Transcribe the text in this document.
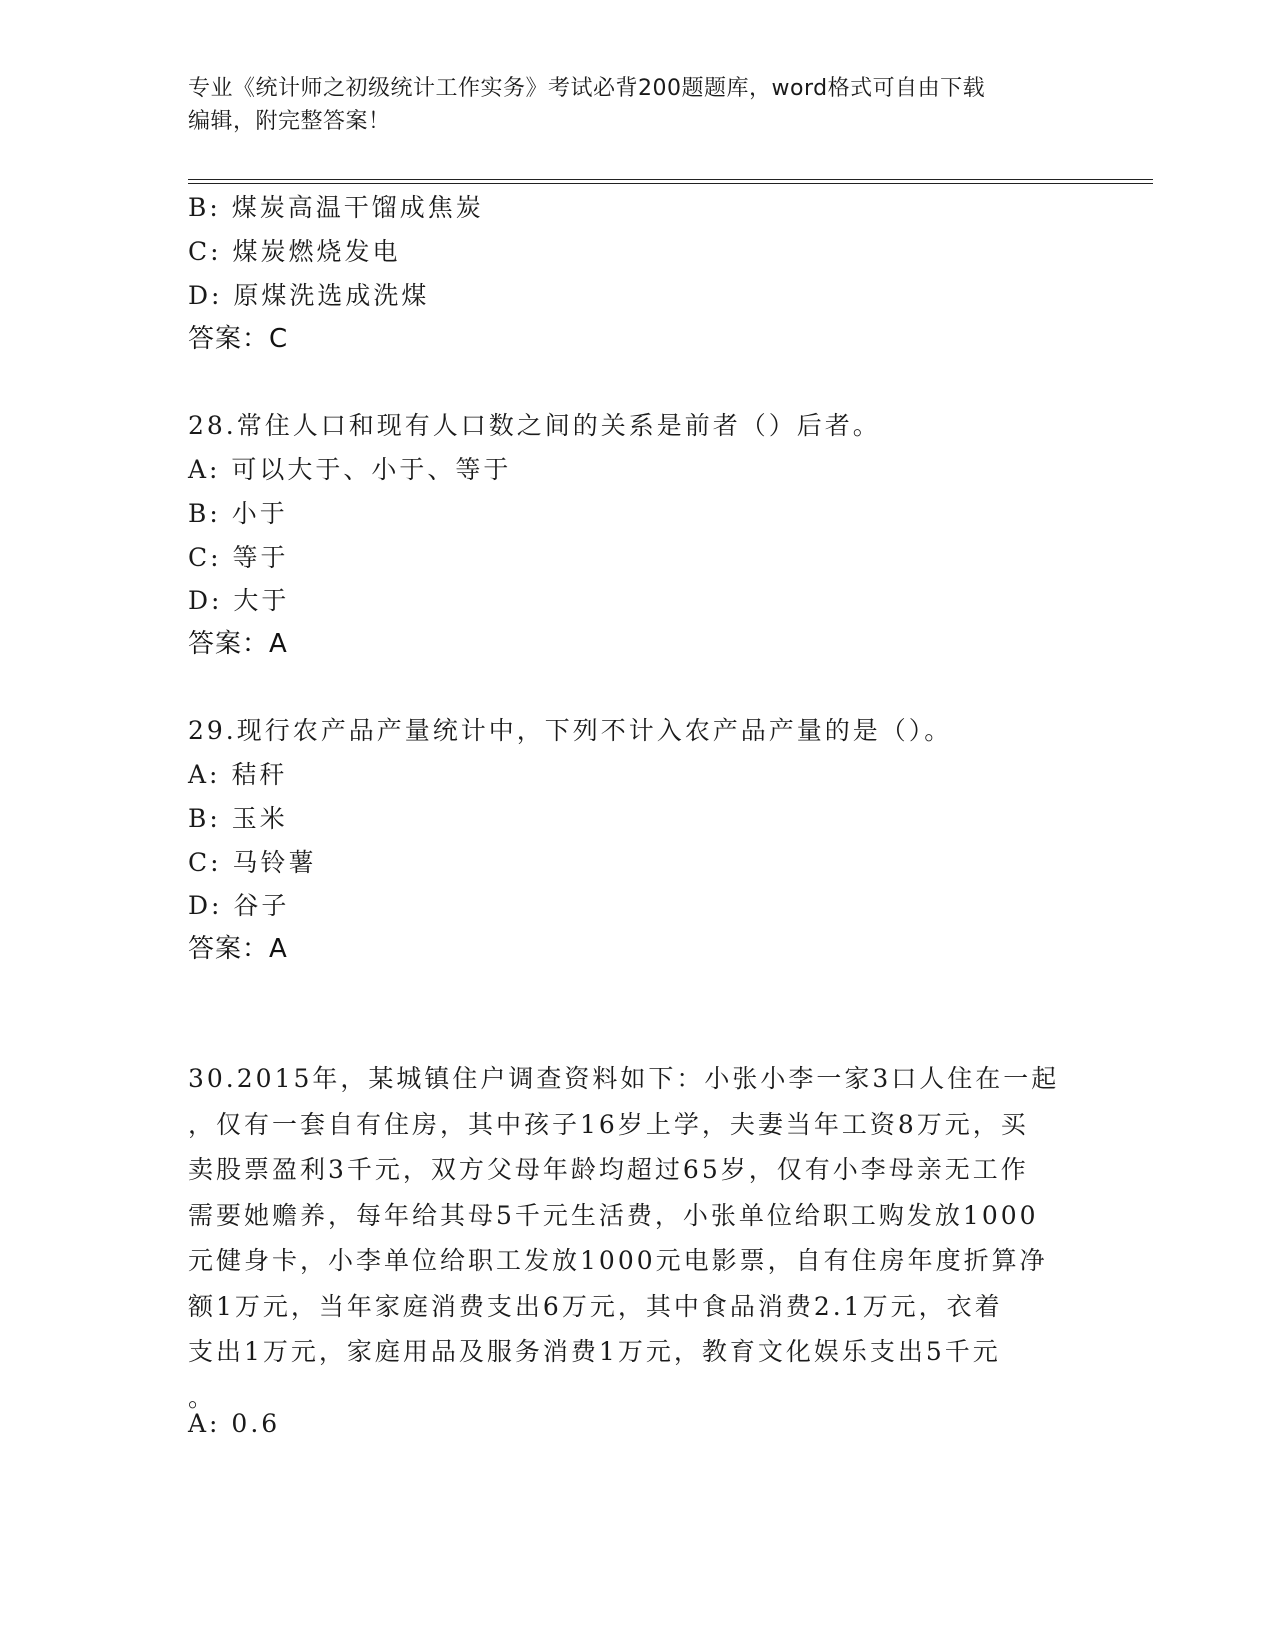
专业《统计师之初级统计工作实务》考试必背200题题库，word格式可自由下载
编辑，附完整答案！
B: 煤炭高温干馏成焦炭
C: 煤炭燃烧发电
D: 原煤洗选成洗煤
答案：C
28.常住人口和现有人口数之间的关系是前者（）后者。
A: 可以大于、小于、等于
B: 小于
C: 等于
D: 大于
答案：A
29.现行农产品产量统计中，下列不计入农产品产量的是（）。
A: 秸秆
B: 玉米
C: 马铃薯
D: 谷子
答案：A
30.2015年，某城镇住户调查资料如下：小张小李一家3口人住在一起
，仅有一套自有住房，其中孩子16岁上学，夫妻当年工资8万元，买
卖股票盈利3千元，双方父母年龄均超过65岁，仅有小李母亲无工作
需要她赡养，每年给其母5千元生活费，小张单位给职工购发放1000
元健身卡，小李单位给职工发放1000元电影票，自有住房年度折算净
额1万元，当年家庭消费支出6万元，其中食品消费2.1万元，衣着
支出1万元，家庭用品及服务消费1万元，教育文化娱乐支出5千元
。
A: 0.6
